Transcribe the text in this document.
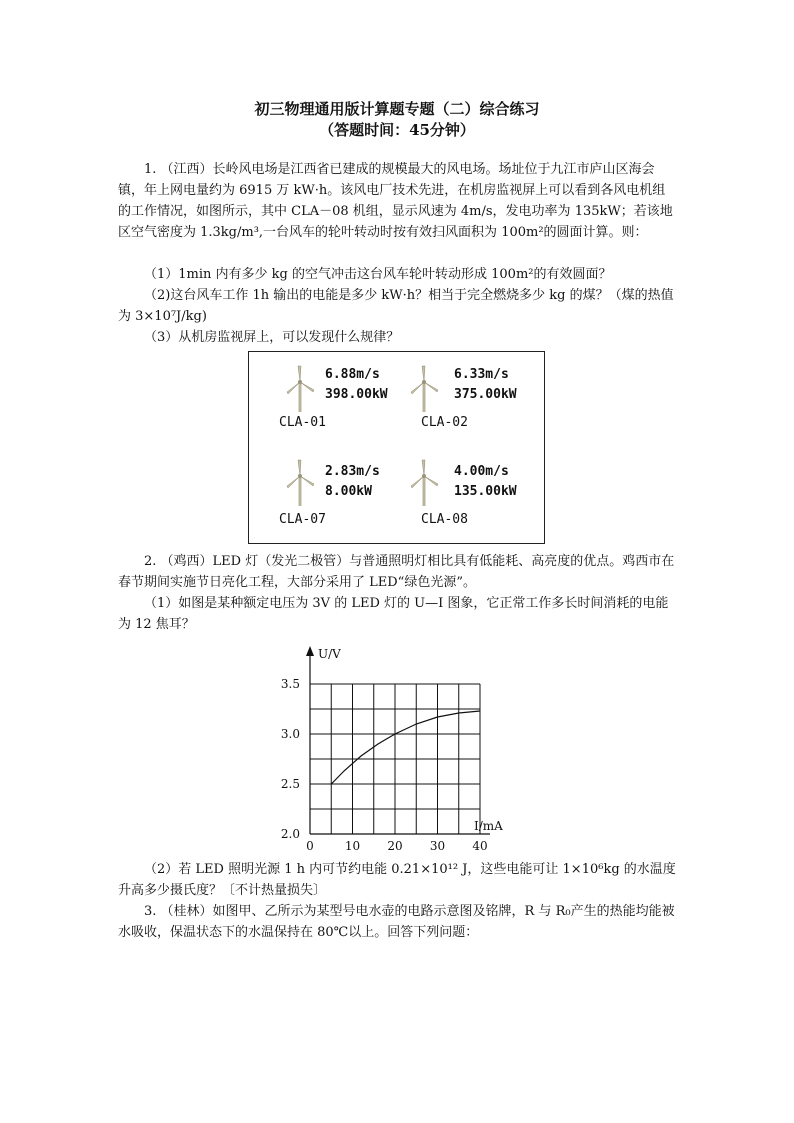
初三物理通用版计算题专题（二）综合练习
（答题时间：45分钟）

1. （江西）长岭风电场是江西省已建成的规模最大的风电场。场址位于九江市庐山区海会镇，年上网电量约为 6915 万 kW·h。该风电厂技术先进，在机房监视屏上可以看到各风电机组的工作情况，如图所示，其中 CLA－08 机组，显示风速为 4m/s，发电功率为 135kW；若该地区空气密度为 1.3kg/m³,一台风车的轮叶转动时按有效扫风面积为 100m²的圆面计算。则：

（1）1min 内有多少 kg 的空气冲击这台风车轮叶转动形成 100m²的有效圆面？

（2)这台风车工作 1h 输出的电能是多少 kW·h？相当于完全燃烧多少 kg 的煤？（煤的热值为 3×10⁷J/kg)

（3）从机房监视屏上，可以发现什么规律？

6.88m/s
398.00kW
CLA-01
6.33m/s
375.00kW
CLA-02
2.83m/s
8.00kW
CLA-07
4.00m/s
135.00kW
CLA-08

2. （鸡西）LED 灯（发光二极管）与普通照明灯相比具有低能耗、高亮度的优点。鸡西市在春节期间实施节日亮化工程，大部分采用了 LED“绿色光源”。

（1）如图是某种额定电压为 3V 的 LED 灯的 U—I 图象，它正常工作多长时间消耗的电能为 12 焦耳？

2.0
2.5
3.0
3.5
0	10 20 30 40
U/V
I/mA

（2）若 LED 照明光源 1 h 内可节约电能 0.21×10¹² J，这些电能可让 1×10⁶kg 的水温度升高多少摄氏度？〔不计热量损失〕

3. （桂林）如图甲、乙所示为某型号电水壶的电路示意图及铭牌，R 与 R₀产生的热能均能被水吸收，保温状态下的水温保持在 80℃以上。回答下列问题：
